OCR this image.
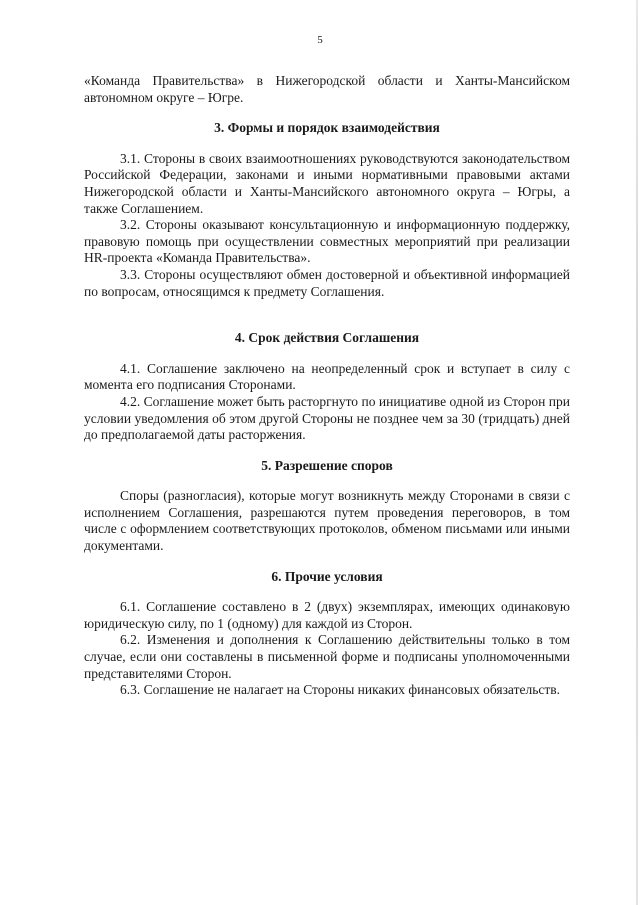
5

«Команда Правительства» в Нижегородской области и Ханты-Мансийском автономном округе – Югре.

3. Формы и порядок взаимодействия

3.1. Стороны в своих взаимоотношениях руководствуются законодательством Российской Федерации, законами и иными нормативными правовыми актами Нижегородской области и Ханты-Мансийского автономного округа – Югры, а также Соглашением.

3.2. Стороны оказывают консультационную и информационную поддержку, правовую помощь при осуществлении совместных мероприятий при реализации HR-проекта «Команда Правительства».

3.3. Стороны осуществляют обмен достоверной и объективной информацией по вопросам, относящимся к предмету Соглашения.

4. Срок действия Соглашения

4.1. Соглашение заключено на неопределенный срок и вступает в силу с момента его подписания Сторонами.

4.2. Соглашение может быть расторгнуто по инициативе одной из Сторон при условии уведомления об этом другой Стороны не позднее чем за 30 (тридцать) дней до предполагаемой даты расторжения.

5. Разрешение споров

Споры (разногласия), которые могут возникнуть между Сторонами в связи с исполнением Соглашения, разрешаются путем проведения переговоров, в том числе с оформлением соответствующих протоколов, обменом письмами или иными документами.

6. Прочие условия

6.1. Соглашение составлено в 2 (двух) экземплярах, имеющих одинаковую юридическую силу, по 1 (одному) для каждой из Сторон.

6.2. Изменения и дополнения к Соглашению действительны только в том случае, если они составлены в письменной форме и подписаны уполномоченными представителями Сторон.

6.3. Соглашение не налагает на Стороны никаких финансовых обязательств.
